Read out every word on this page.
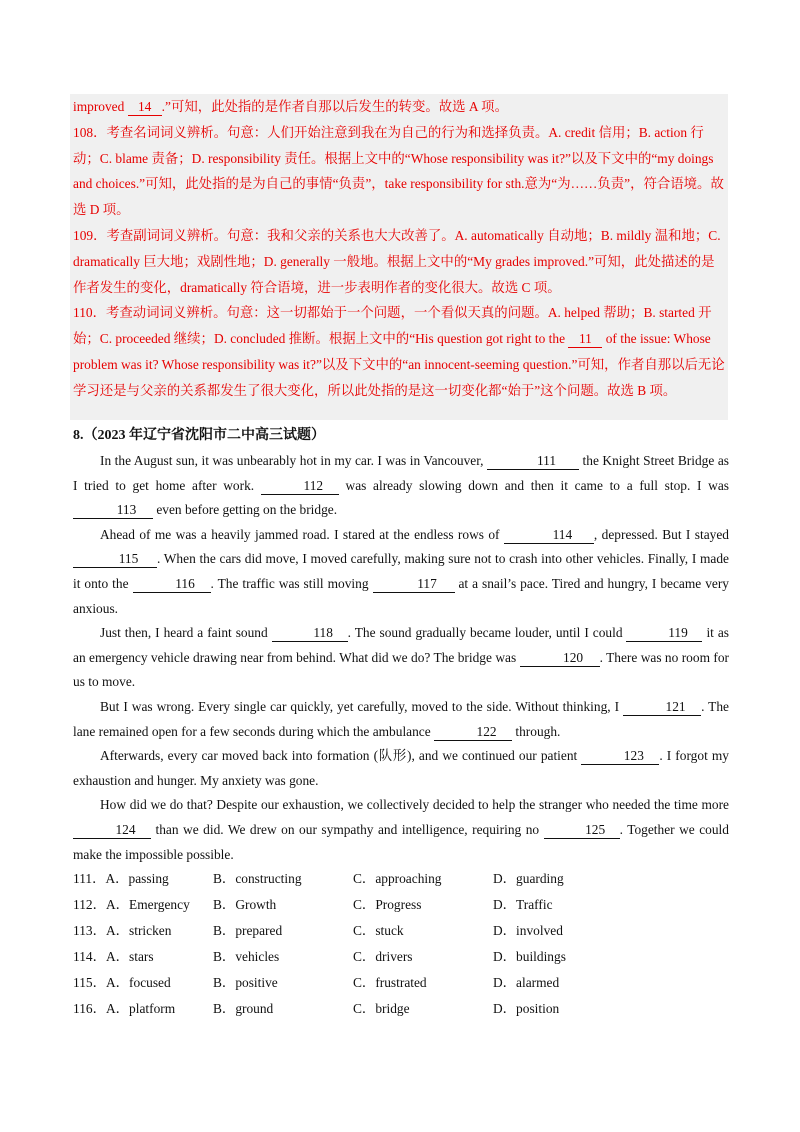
improved 14 .”可知，此处指的是作者自那以后发生的转变。故选 A 项。

108．考查名词词义辨析。句意：人们开始注意到我在为自己的行为和选择负责。A. credit 信用；B. action 行动；C. blame 责备；D. responsibility 责任。根据上文中的“Whose responsibility was it?”以及下文中的“my doings and choices.”可知，此处指的是为自己的事情“负责”，take responsibility for sth.意为“为……负责”，符合语境。故选 D 项。

109．考查副词词义辨析。句意：我和父亲的关系也大大改善了。A. automatically 自动地；B. mildly 温和地；C. dramatically 巨大地；戏剧性地；D. generally 一般地。根据上文中的“My grades improved.”可知，此处描述的是作者发生的变化，dramatically 符合语境，进一步表明作者的变化很大。故选 C 项。

110．考查动词词义辨析。句意：这一切都始于一个问题，一个看似天真的问题。A. helped 帮助；B. started 开始；C. proceeded 继续；D. concluded 推断。根据上文中的“His question got right to the 11 of the issue: Whose problem was it? Whose responsibility was it?”以及下文中的“an innocent-seeming question.”可知，作者自那以后无论学习还是与父亲的关系都发生了很大变化，所以此处指的是这一切变化都“始于”这个问题。故选 B 项。

8.（2023 年辽宁省沈阳市二中高三试题）

In the August sun, it was unbearably hot in my car. I was in Vancouver,	111 the Knight Street Bridge as I tried to get home after work.	112 was already slowing down and then it came to a full stop. I was 113 even before getting on the bridge.

Ahead of me was a heavily jammed road. I stared at the endless rows of	114 , depressed. But I stayed 115 . When the cars did move, I moved carefully, making sure not to crash into other vehicles. Finally, I made it onto the	116 . The traffic was still moving	117 at a snail’s pace. Tired and hungry, I became very anxious.

Just then, I heard a faint sound	118 . The sound gradually became louder, until I could	119 it as an emergency vehicle drawing near from behind. What did we do? The bridge was	120 . There was no room for us to move.

But I was wrong. Every single car quickly, yet carefully, moved to the side. Without thinking, I	121 . The lane remained open for a few seconds during which the ambulance	122 through.

Afterwards, every car moved back into formation (队形), and we continued our patient	123 . I forgot my exhaustion and hunger. My anxiety was gone.

How did we do that? Despite our exhaustion, we collectively decided to help the stranger who needed the time more 124 than we did. We drew on our sympathy and intelligence, requiring no	125 . Together we could make the impossible possible.

111．A．passing	B．constructing	C．approaching	D．guarding
112．A．Emergency	B．Growth	C．Progress	D．Traffic
113．A．stricken	B．prepared	C．stuck	D．involved
114．A．stars	B．vehicles	C．drivers	D．buildings
115．A．focused	B．positive	C．frustrated	D．alarmed
116．A．platform	B．ground	C．bridge	D．position
